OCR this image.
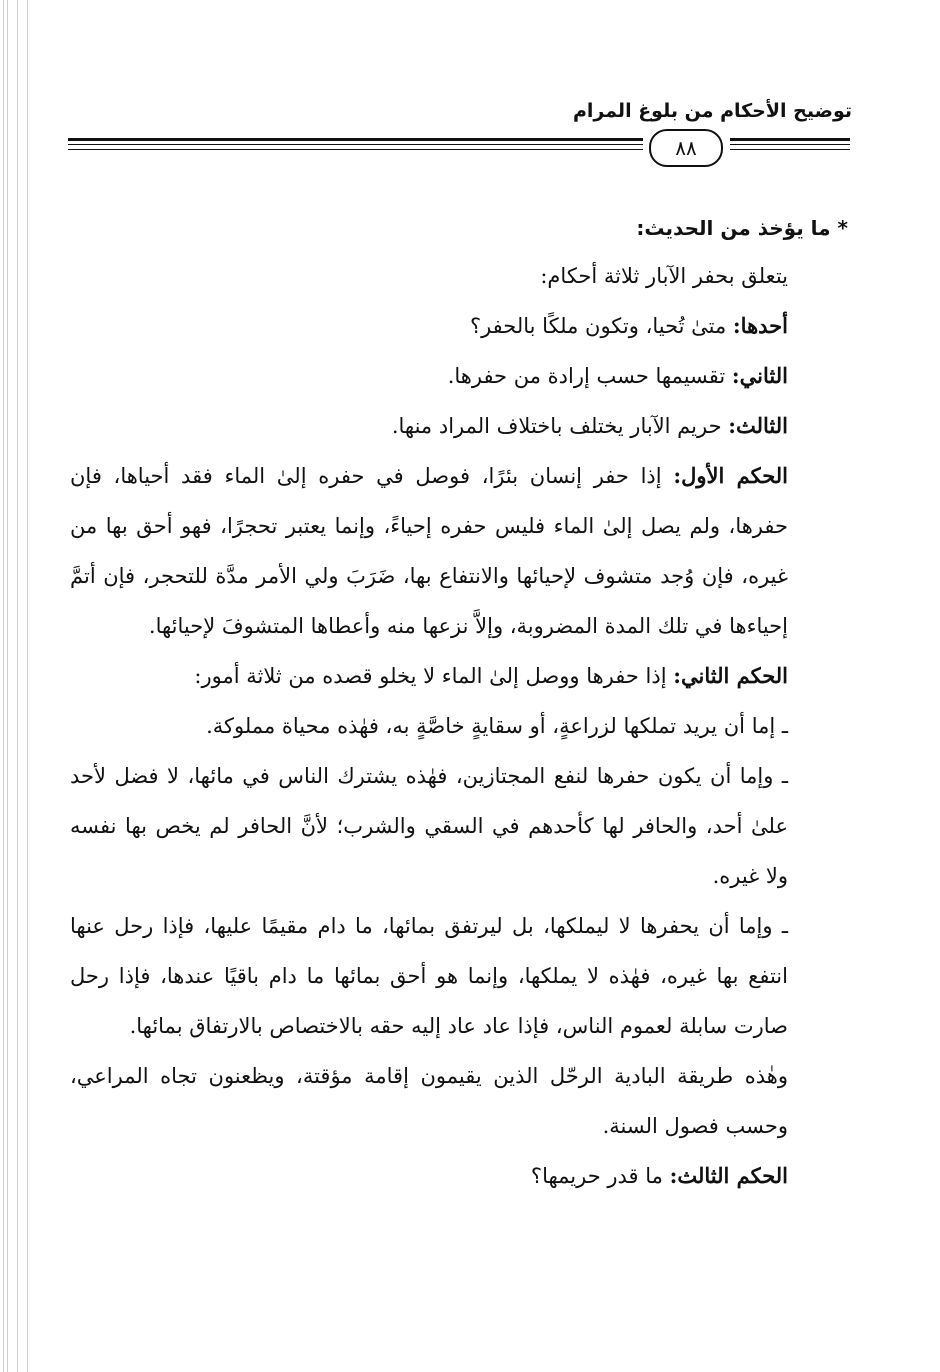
توضيح الأحكام من بلوغ المرام
٨٨

* ما يؤخذ من الحديث:

يتعلق بحفر الآبار ثلاثة أحكام:

أحدها: متىٰ تُحيا، وتكون ملكًا بالحفر؟

الثاني: تقسيمها حسب إرادة من حفرها.

الثالث: حريم الآبار يختلف باختلاف المراد منها.

الحكم الأول: إذا حفر إنسان بئرًا، فوصل في حفره إلىٰ الماء فقد أحياها، فإن حفرها، ولم يصل إلىٰ الماء فليس حفره إحياءً، وإنما يعتبر تحجرًا، فهو أحق بها من غيره، فإن وُجد متشوف لإحيائها والانتفاع بها، ضَرَبَ ولي الأمر مدَّة للتحجر، فإن أتمَّ إحياءها في تلك المدة المضروبة، وإلاَّ نزعها منه وأعطاها المتشوفَ لإحيائها.

الحكم الثاني: إذا حفرها ووصل إلىٰ الماء لا يخلو قصده من ثلاثة أمور:

ـ إما أن يريد تملكها لزراعةٍ، أو سقايةٍ خاصَّةٍ به، فهٰذه محياة مملوكة.

ـ وإما أن يكون حفرها لنفع المجتازين، فهٰذه يشترك الناس في مائها، لا فضل لأحد علىٰ أحد، والحافر لها كأحدهم في السقي والشرب؛ لأنَّ الحافر لم يخص بها نفسه ولا غيره.

ـ وإما أن يحفرها لا ليملكها، بل ليرتفق بمائها، ما دام مقيمًا عليها، فإذا رحل عنها انتفع بها غيره، فهٰذه لا يملكها، وإنما هو أحق بمائها ما دام باقيًا عندها، فإذا رحل صارت سابلة لعموم الناس، فإذا عاد عاد إليه حقه بالاختصاص بالارتفاق بمائها.

وهٰذه طريقة البادية الرحّل الذين يقيمون إقامة مؤقتة، ويظعنون تجاه المراعي، وحسب فصول السنة.

الحكم الثالث: ما قدر حريمها؟
